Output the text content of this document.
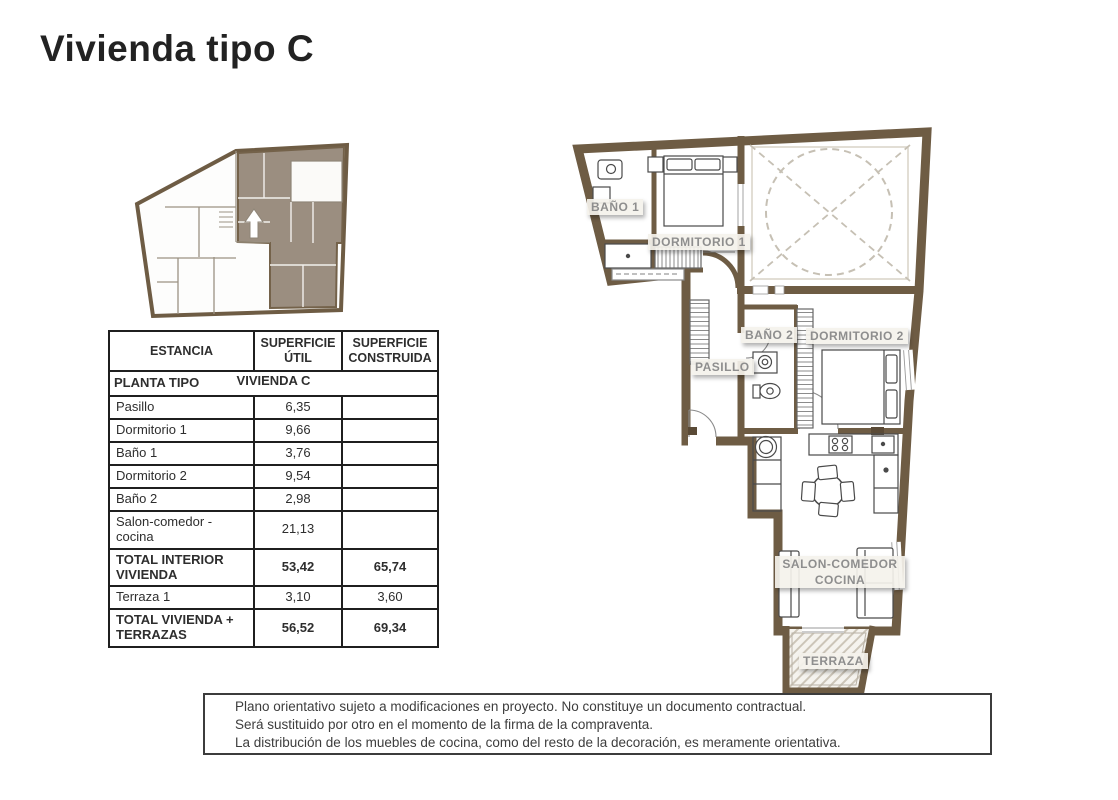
Vivienda tipo C
ESTANCIA	SUPERFICIE ÚTIL	SUPERFICIE CONSTRUIDA
PLANTA TIPO VIVIENDA C		

Pasillo	6,35	
Dormitorio 1	9,66	
Baño 1	3,76	
Dormitorio 2	9,54	
Baño 2	2,98	
Salon-comedor - cocina	21,13	
TOTAL INTERIOR VIVIENDA	53,42	65,74
Terraza 1	3,10	3,60
TOTAL VIVIENDA + TERRAZAS	56,52	69,34
BAÑO 1
DORMITORIO 1
PASILLO
BAÑO 2	DORMITORIO 2
SALON-COMEDOR
COCINA
TERRAZA
Plano orientativo sujeto a modificaciones en proyecto. No constituye un documento contractual.
Será sustituido por otro en el momento de la firma de la compraventa.
La distribución de los muebles de cocina, como del resto de la decoración, es meramente orientativa.
